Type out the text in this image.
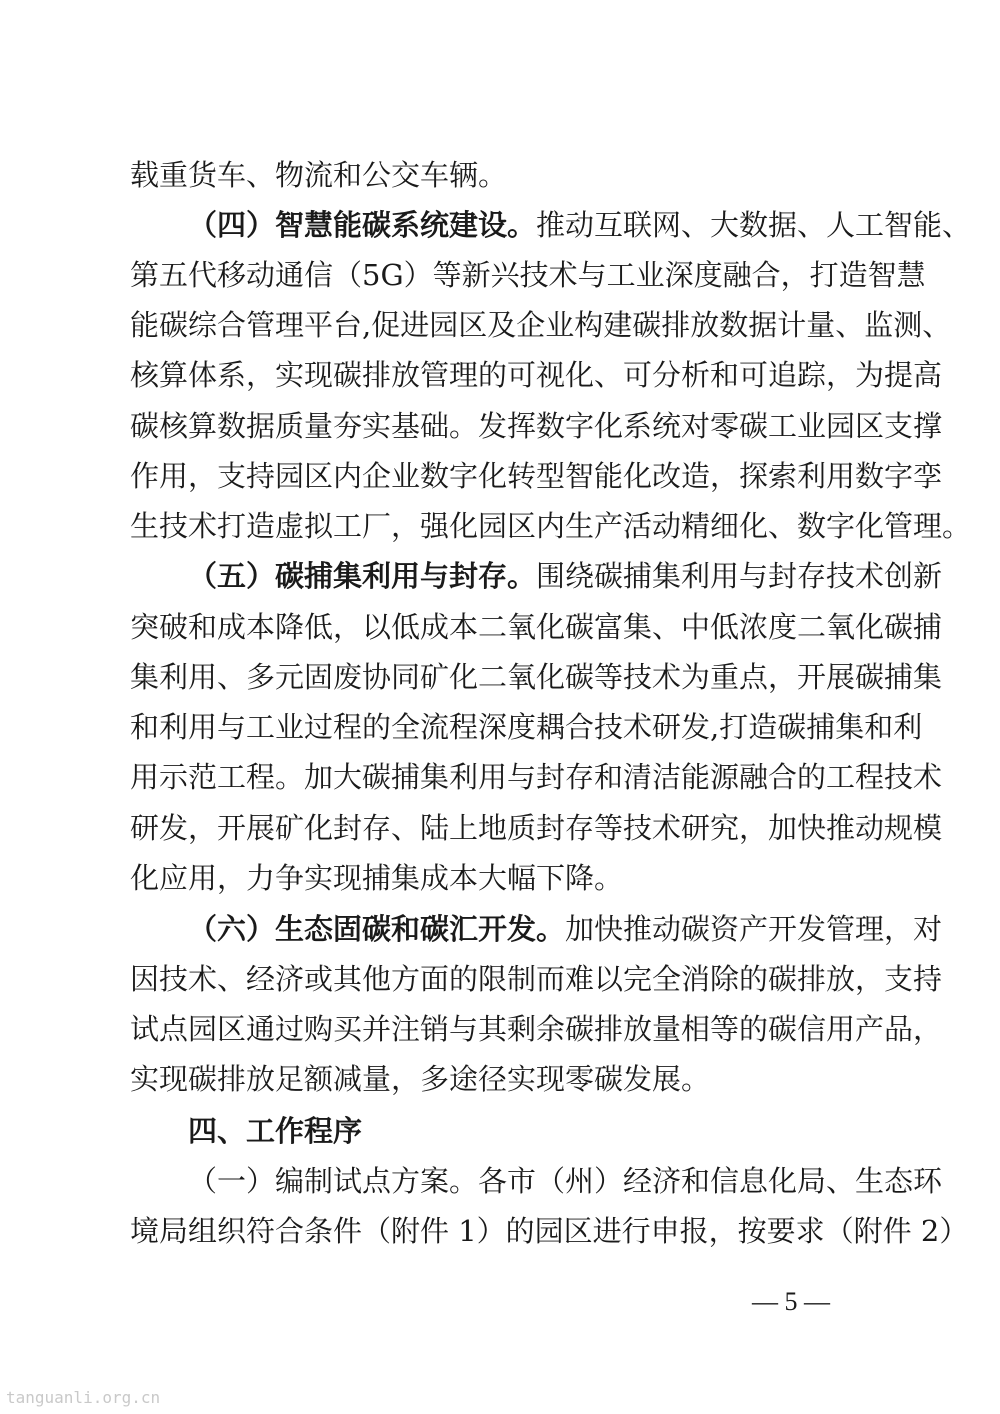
载重货车、物流和公交车辆。
（四）智慧能碳系统建设。推动互联网、大数据、人工智能、
第五代移动通信（5G）等新兴技术与工业深度融合，打造智慧
能碳综合管理平台,促进园区及企业构建碳排放数据计量、监测、
核算体系，实现碳排放管理的可视化、可分析和可追踪，为提高
碳核算数据质量夯实基础。发挥数字化系统对零碳工业园区支撑
作用，支持园区内企业数字化转型智能化改造，探索利用数字孪
生技术打造虚拟工厂，强化园区内生产活动精细化、数字化管理。
（五）碳捕集利用与封存。围绕碳捕集利用与封存技术创新
突破和成本降低，以低成本二氧化碳富集、中低浓度二氧化碳捕
集利用、多元固废协同矿化二氧化碳等技术为重点，开展碳捕集
和利用与工业过程的全流程深度耦合技术研发,打造碳捕集和利
用示范工程。加大碳捕集利用与封存和清洁能源融合的工程技术
研发，开展矿化封存、陆上地质封存等技术研究，加快推动规模
化应用，力争实现捕集成本大幅下降。
（六）生态固碳和碳汇开发。加快推动碳资产开发管理，对
因技术、经济或其他方面的限制而难以完全消除的碳排放，支持
试点园区通过购买并注销与其剩余碳排放量相等的碳信用产品，
实现碳排放足额减量，多途径实现零碳发展。
四、工作程序
（一）编制试点方案。各市（州）经济和信息化局、生态环
境局组织符合条件（附件 1）的园区进行申报，按要求（附件 2）
— 5 —
tanguanli.org.cn
